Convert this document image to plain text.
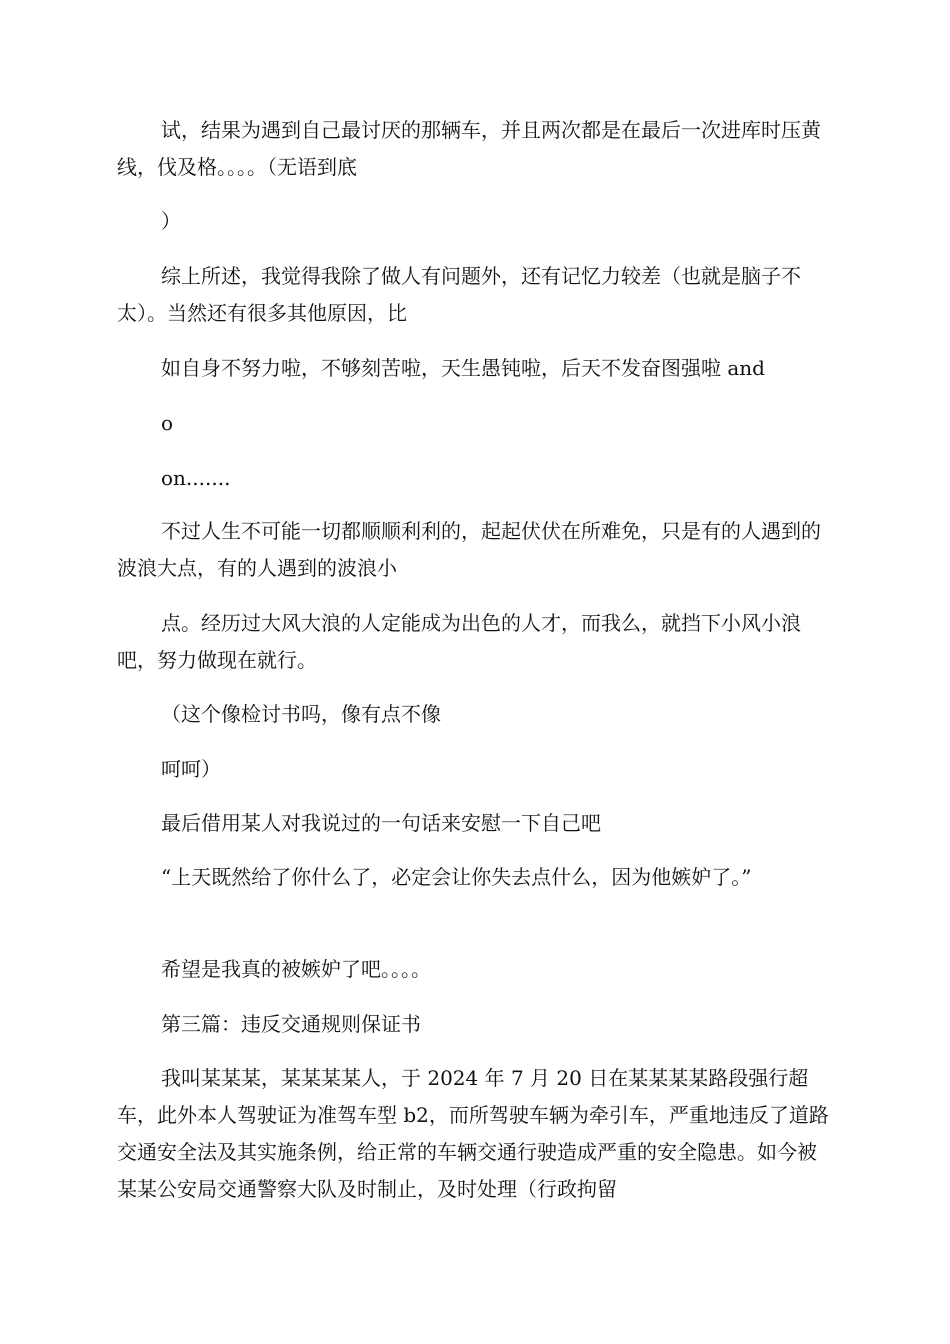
试，结果为遇到自己最讨厌的那辆车，并且两次都是在最后一次进库时压黄线，伐及格。。。。（无语到底

）

综上所述，我觉得我除了做人有问题外，还有记忆力较差（也就是脑子不太）。当然还有很多其他原因，比

如自身不努力啦，不够刻苦啦，天生愚钝啦，后天不发奋图强啦 and

o

on.......

不过人生不可能一切都顺顺利利的，起起伏伏在所难免，只是有的人遇到的波浪大点，有的人遇到的波浪小

点。经历过大风大浪的人定能成为出色的人才，而我么，就挡下小风小浪吧，努力做现在就行。

（这个像检讨书吗，像有点不像

呵呵）

最后借用某人对我说过的一句话来安慰一下自己吧

“上天既然给了你什么了，必定会让你失去点什么，因为他嫉妒了。”

希望是我真的被嫉妒了吧。。。。

第三篇：违反交通规则保证书

我叫某某某，某某某某人，于 2024 年 7 月 20 日在某某某某路段强行超车，此外本人驾驶证为准驾车型 b2，而所驾驶车辆为牵引车，严重地违反了道路交通安全法及其实施条例，给正常的车辆交通行驶造成严重的安全隐患。如今被某某公安局交通警察大队及时制止，及时处理（行政拘留
